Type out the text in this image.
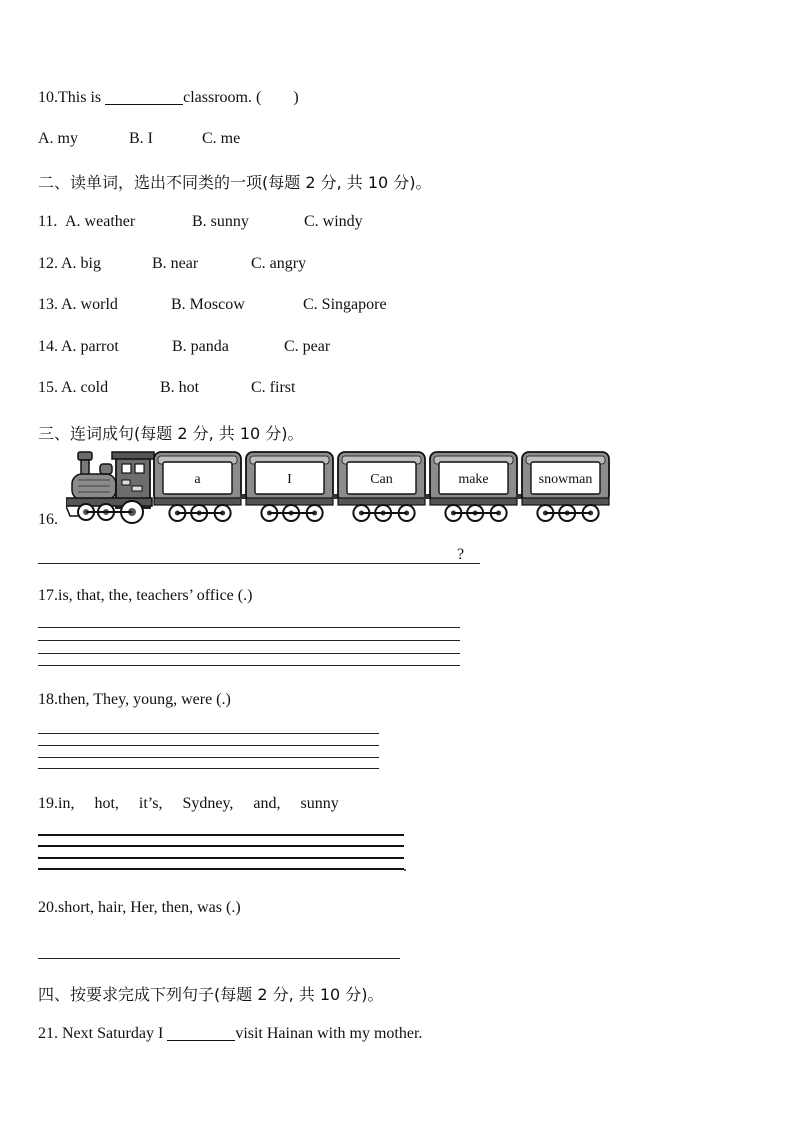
10.This is	classroom. (        )
A. my	B. I	C. me
二、读单词，选出不同类的一项(每题 2 分, 共 10 分)。
11. A. weather	B. sunny	C. windy
12. A. big	B. near	C. angry
13. A. world	B. Moscow	C. Singapore
14. A. parrot	B. panda	C. pear
15. A. cold	B. hot	C. first
三、连词成句(每题 2 分, 共 10 分)。
16.
a	I	Can	make	snowman
?
17.is, that, the, teachers’ office (.)
18.then, They, young, were (.)
19.in,     hot,     it’s,     Sydney,     and,     sunny
.
20.short, hair, Her, then, was (.)
四、按要求完成下列句子(每题 2 分, 共 10 分)。
21. Next Saturday I	visit Hainan with my mother.
